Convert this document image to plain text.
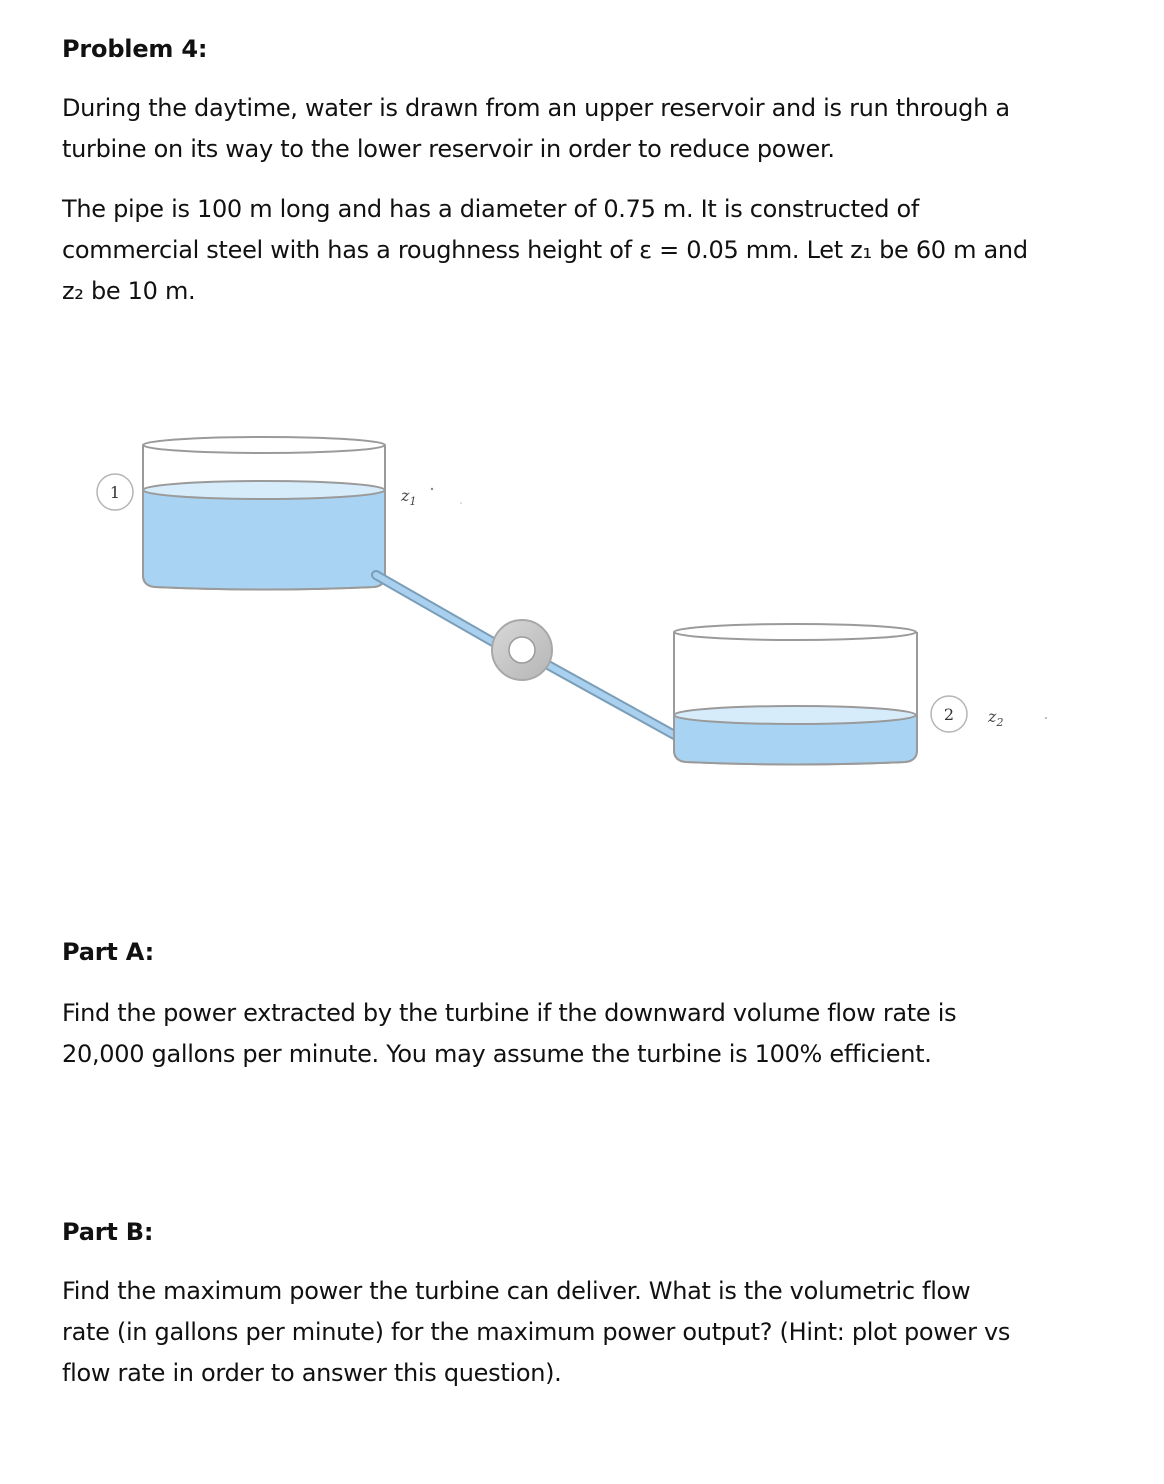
Problem 4:
During the daytime, water is drawn from an upper reservoir and is run through a
turbine on its way to the lower reservoir in order to reduce power.
The pipe is 100 m long and has a diameter of 0.75 m. It is constructed of
commercial steel with has a roughness height of ε = 0.05 mm. Let z₁ be 60 m and
z₂ be 10 m.
1	$z_1$
2 $z_2$
Part A:
Find the power extracted by the turbine if the downward volume flow rate is
20,000 gallons per minute. You may assume the turbine is 100% efficient.
Part B:
Find the maximum power the turbine can deliver. What is the volumetric flow
rate (in gallons per minute) for the maximum power output? (Hint: plot power vs
flow rate in order to answer this question).
